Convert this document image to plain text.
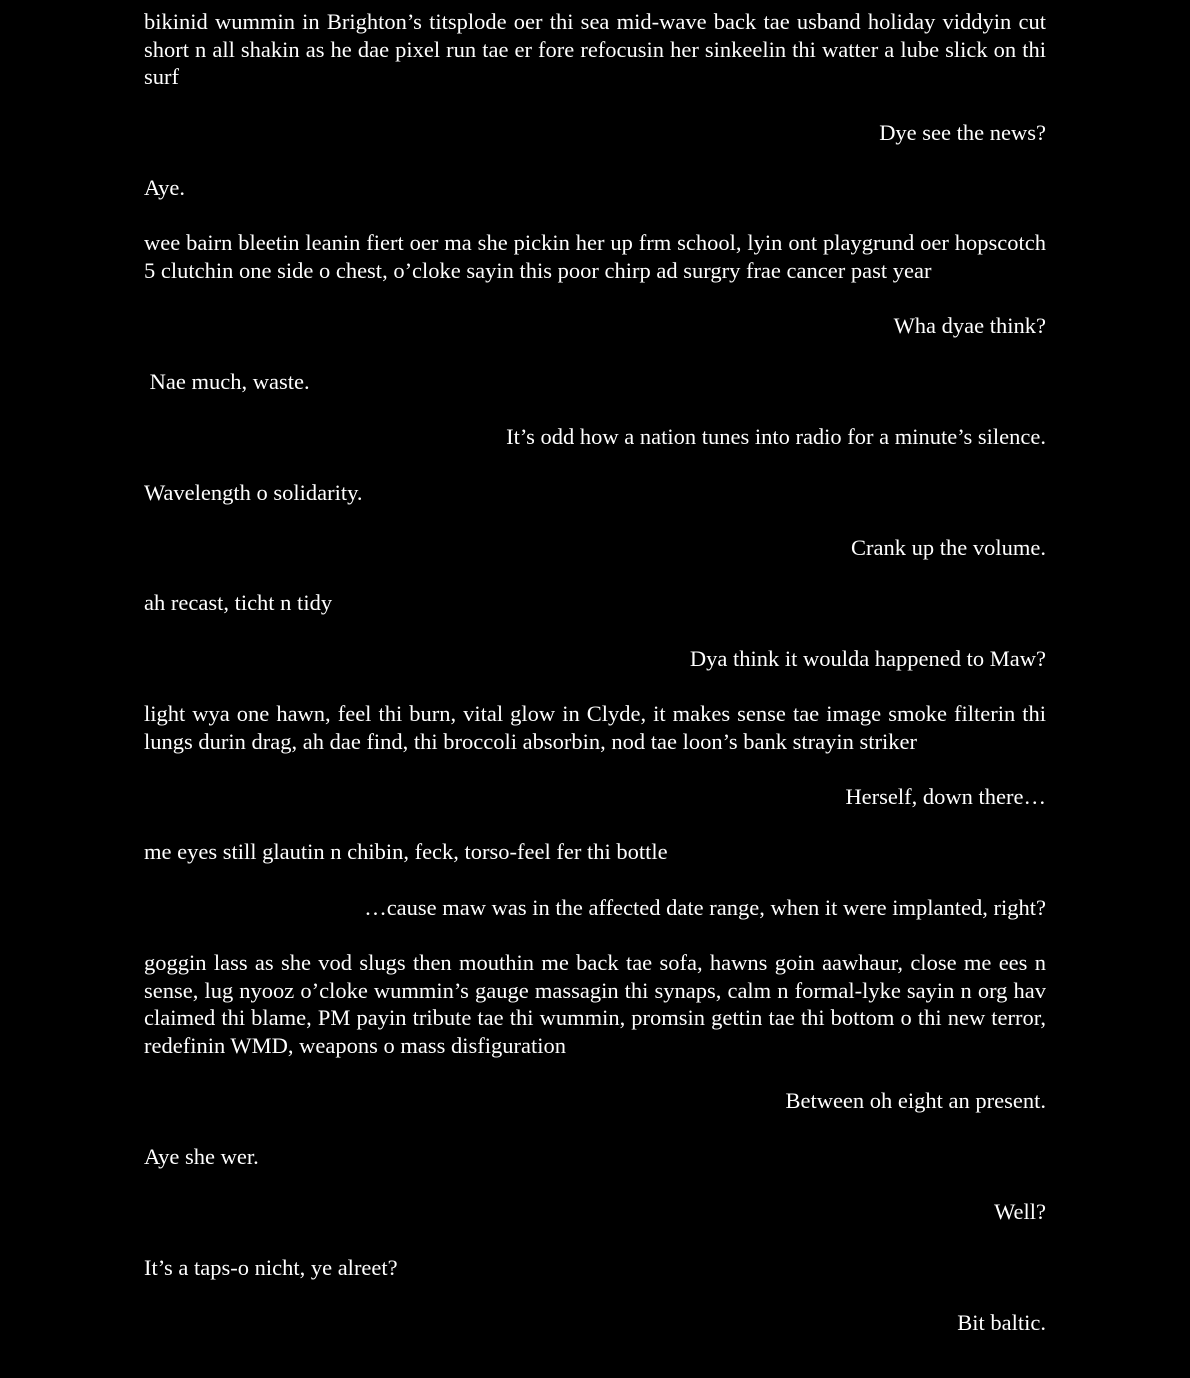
bikinid wummin in Brighton’s titsplode oer thi sea mid-wave back tae usband holiday viddyin cut short n all shakin as he dae pixel run tae er fore refocusin her sinkeelin thi watter a lube slick on thi surf

Dye see the news?

Aye.

wee bairn bleetin leanin fiert oer ma she pickin her up frm school, lyin ont playgrund oer hopscotch 5 clutchin one side o chest, o’cloke sayin this poor chirp ad surgry frae cancer past year

Wha dyae think?

Nae much, waste.

It’s odd how a nation tunes into radio for a minute’s silence.

Wavelength o solidarity.

Crank up the volume.

ah recast, ticht n tidy

Dya think it woulda happened to Maw?

light wya one hawn, feel thi burn, vital glow in Clyde, it makes sense tae image smoke filterin thi lungs durin drag, ah dae find, thi broccoli absorbin, nod tae loon’s bank strayin striker

Herself, down there…

me eyes still glautin n chibin, feck, torso-feel fer thi bottle

…cause maw was in the affected date range, when it were implanted, right?

goggin lass as she vod slugs then mouthin me back tae sofa, hawns goin aawhaur, close me ees n sense, lug nyooz o’cloke wummin’s gauge massagin thi synaps, calm n formal-lyke sayin n org hav claimed thi blame, PM payin tribute tae thi wummin, promsin gettin tae thi bottom o thi new terror, redefinin WMD, weapons o mass disfiguration

Between oh eight an present.

Aye she wer.

Well?

It’s a taps-o nicht, ye alreet?

Bit baltic.
